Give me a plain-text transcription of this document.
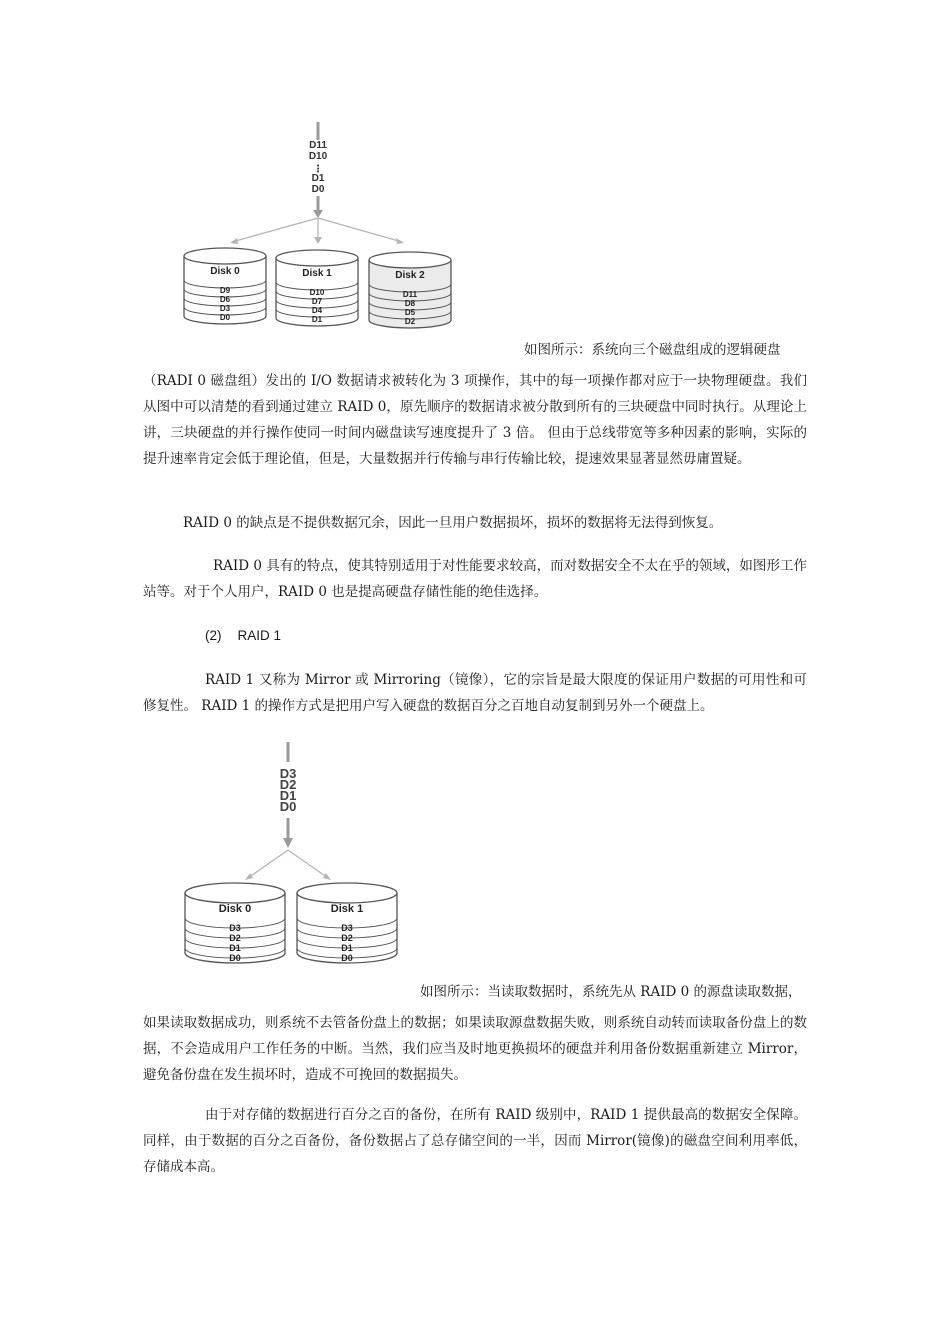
D11
D10
⋮
D1
D0
Disk 0
D9
D6
D3
D0
Disk 1
D10
D7
D4
D1
Disk 2
D11
D8
D5
D2

如图所示：系统向三个磁盘组成的逻辑硬盘

（RADI 0 磁盘组）发出的 I/O 数据请求被转化为 3 项操作，其中的每一项操作都对应于一块物理硬盘。我们从图中可以清楚的看到通过建立 RAID 0，原先顺序的数据请求被分散到所有的三块硬盘中同时执行。从理论上讲，三块硬盘的并行操作使同一时间内磁盘读写速度提升了 3 倍。 但由于总线带宽等多种因素的影响，实际的提升速率肯定会低于理论值，但是，大量数据并行传输与串行传输比较，提速效果显著显然毋庸置疑。

RAID 0 的缺点是不提供数据冗余，因此一旦用户数据损坏，损坏的数据将无法得到恢复。

RAID 0 具有的特点，使其特别适用于对性能要求较高，而对数据安全不太在乎的领域，如图形工作站等。对于个人用户，RAID 0 也是提高硬盘存储性能的绝佳选择。

(2) RAID 1

RAID 1 又称为 Mirror 或 Mirroring（镜像），它的宗旨是最大限度的保证用户数据的可用性和可修复性。 RAID 1 的操作方式是把用户写入硬盘的数据百分之百地自动复制到另外一个硬盘上。

D3
D2
D1
D0
Disk 0
D3
D2
D1
D0
Disk 1
D3
D2
D1
D0

如图所示：当读取数据时，系统先从 RAID 0 的源盘读取数据，

如果读取数据成功，则系统不去管备份盘上的数据；如果读取源盘数据失败，则系统自动转而读取备份盘上的数据，不会造成用户工作任务的中断。当然，我们应当及时地更换损坏的硬盘并利用备份数据重新建立 Mirror，避免备份盘在发生损坏时，造成不可挽回的数据损失。

由于对存储的数据进行百分之百的备份，在所有 RAID 级别中，RAID 1 提供最高的数据安全保障。同样，由于数据的百分之百备份，备份数据占了总存储空间的一半，因而 Mirror(镜像)的磁盘空间利用率低，存储成本高。
